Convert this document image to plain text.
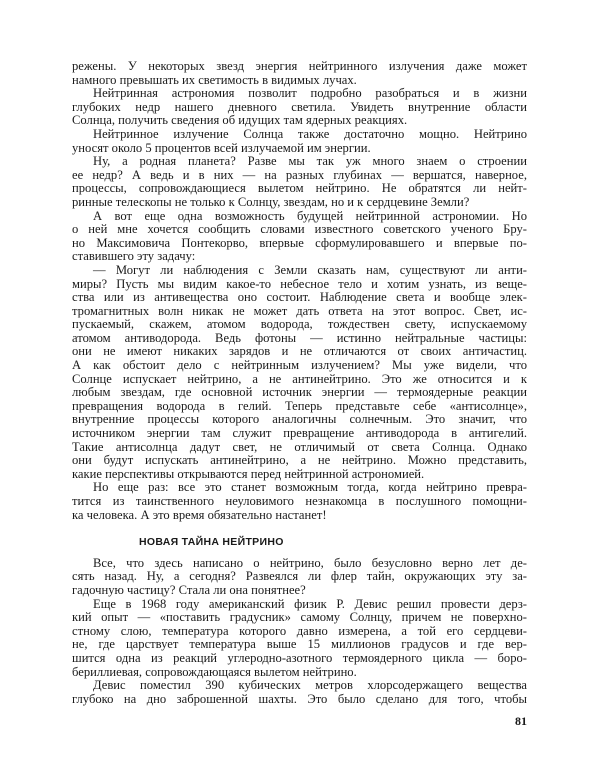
режены. У некоторых звезд энергия нейтринного излучения даже может
намного превышать их светимость в видимых лучах.
Нейтринная астрономия позволит подробно разобраться и в жизни
глубоких недр нашего дневного светила. Увидеть внутренние области
Солнца, получить сведения об идущих там ядерных реакциях.
Нейтринное излучение Солнца также достаточно мощно. Нейтрино
уносят около 5 процентов всей излучаемой им энергии.
Ну, а родная планета? Разве мы так уж много знаем о строении
ее недр? А ведь и в них — на разных глубинах — вершатся, наверное,
процессы, сопровождающиеся вылетом нейтрино. Не обратятся ли нейт-
ринные телескопы не только к Солнцу, звездам, но и к сердцевине Земли?
А вот еще одна возможность будущей нейтринной астрономии. Но
о ней мне хочется сообщить словами известного советского ученого Бру-
но Максимовича Понтекорво, впервые сформулировавшего и впервые по-
ставившего эту задачу:
— Могут ли наблюдения с Земли сказать нам, существуют ли анти-
миры? Пусть мы видим какое-то небесное тело и хотим узнать, из веще-
ства или из антивещества оно состоит. Наблюдение света и вообще элек-
тромагнитных волн никак не может дать ответа на этот вопрос. Свет, ис-
пускаемый, скажем, атомом водорода, тождествен свету, испускаемому
атомом антиводорода. Ведь фотоны — истинно нейтральные частицы:
они не имеют никаких зарядов и не отличаются от своих античастиц.
А как обстоит дело с нейтринным излучением? Мы уже видели, что
Солнце испускает нейтрино, а не антинейтрино. Это же относится и к
любым звездам, где основной источник энергии — термоядерные реакции
превращения водорода в гелий. Теперь представьте себе «антисолнце»,
внутренние процессы которого аналогичны солнечным. Это значит, что
источником энергии там служит превращение антиводорода в антигелий.
Такие антисолнца дадут свет, не отличимый от света Солнца. Однако
они будут испускать антинейтрино, а не нейтрино. Можно представить,
какие перспективы открываются перед нейтринной астрономией.
Но еще раз: все это станет возможным тогда, когда нейтрино превра-
тится из таинственного неуловимого незнакомца в послушного помощни-
ка человека. А это время обязательно настанет!
НОВАЯ ТАЙНА НЕЙТРИНО
Все, что здесь написано о нейтрино, было безусловно верно лет де-
сять назад. Ну, а сегодня? Развеялся ли флер тайн, окружающих эту за-
гадочную частицу? Стала ли она понятнее?
Еще в 1968 году американский физик Р. Девис решил провести дерз-
кий опыт — «поставить градусник» самому Солнцу, причем не поверхно-
стному слою, температура которого давно измерена, а той его сердцеви-
не, где царствует температура выше 15 миллионов градусов и где вер-
шится одна из реакций углеродно-азотного термоядерного цикла — боро-
бериллиевая, сопровождающаяся вылетом нейтрино.
Девис поместил 390 кубических метров хлорсодержащего вещества
глубоко на дно заброшенной шахты. Это было сделано для того, чтобы
81
